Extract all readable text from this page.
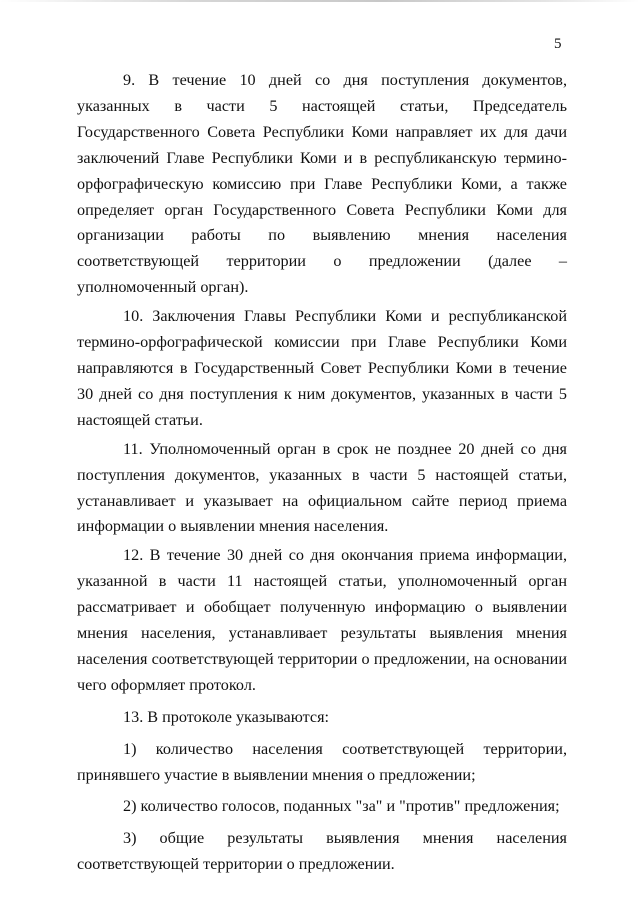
5

9. В течение 10 дней со дня поступления документов, указанных в части 5 настоящей статьи, Председатель Государственного Совета Республики Коми направляет их для дачи заключений Главе Республики Коми и в республиканскую термино-орфографическую комиссию при Главе Республики Коми, а также определяет орган Государственного Совета Республики Коми для организации работы по выявлению мнения населения соответствующей территории о предложении (далее – уполномоченный орган).

10. Заключения Главы Республики Коми и республиканской термино-орфографической комиссии при Главе Республики Коми направляются в Государственный Совет Республики Коми в течение 30 дней со дня поступления к ним документов, указанных в части 5 настоящей статьи.

11. Уполномоченный орган в срок не позднее 20 дней со дня поступления документов, указанных в части 5 настоящей статьи, устанавливает и указывает на официальном сайте период приема информации о выявлении мнения населения.

12. В течение 30 дней со дня окончания приема информации, указанной в части 11 настоящей статьи, уполномоченный орган рассматривает и обобщает полученную информацию о выявлении мнения населения, устанавливает результаты выявления мнения населения соответствующей территории о предложении, на основании чего оформляет протокол.

13. В протоколе указываются:

1) количество населения соответствующей территории, принявшего участие в выявлении мнения о предложении;

2) количество голосов, поданных "за" и "против" предложения;

3) общие результаты выявления мнения населения соответствующей территории о предложении.
